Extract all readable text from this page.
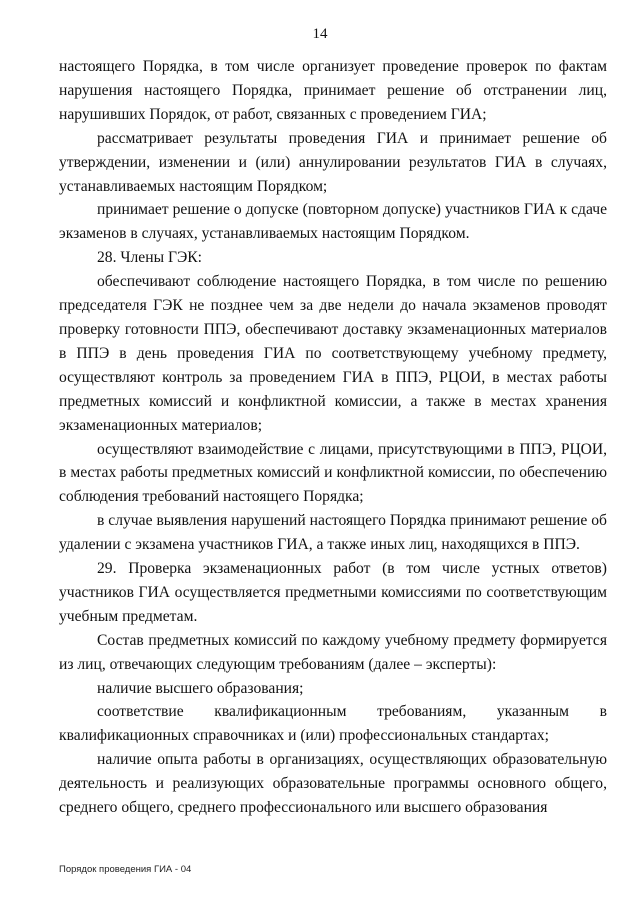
14

настоящего Порядка, в том числе организует проведение проверок по фактам нарушения настоящего Порядка, принимает решение об отстранении лиц, нарушивших Порядок, от работ, связанных с проведением ГИА;

рассматривает результаты проведения ГИА и принимает решение об утверждении, изменении и (или) аннулировании результатов ГИА в случаях, устанавливаемых настоящим Порядком;

принимает решение о допуске (повторном допуске) участников ГИА к сдаче экзаменов в случаях, устанавливаемых настоящим Порядком.

28. Члены ГЭК:

обеспечивают соблюдение настоящего Порядка, в том числе по решению председателя ГЭК не позднее чем за две недели до начала экзаменов проводят проверку готовности ППЭ, обеспечивают доставку экзаменационных материалов в ППЭ в день проведения ГИА по соответствующему учебному предмету, осуществляют контроль за проведением ГИА в ППЭ, РЦОИ, в местах работы предметных комиссий и конфликтной комиссии, а также в местах хранения экзаменационных материалов;

осуществляют взаимодействие с лицами, присутствующими в ППЭ, РЦОИ, в местах работы предметных комиссий и конфликтной комиссии, по обеспечению соблюдения требований настоящего Порядка;

в случае выявления нарушений настоящего Порядка принимают решение об удалении с экзамена участников ГИА, а также иных лиц, находящихся в ППЭ.

29. Проверка экзаменационных работ (в том числе устных ответов) участников ГИА осуществляется предметными комиссиями по соответствующим учебным предметам.

Состав предметных комиссий по каждому учебному предмету формируется из лиц, отвечающих следующим требованиям (далее – эксперты):

наличие высшего образования;

соответствие квалификационным требованиям, указанным в квалификационных справочниках и (или) профессиональных стандартах;

наличие опыта работы в организациях, осуществляющих образовательную деятельность и реализующих образовательные программы основного общего, среднего общего, среднего профессионального или высшего образования

Порядок проведения ГИА - 04
